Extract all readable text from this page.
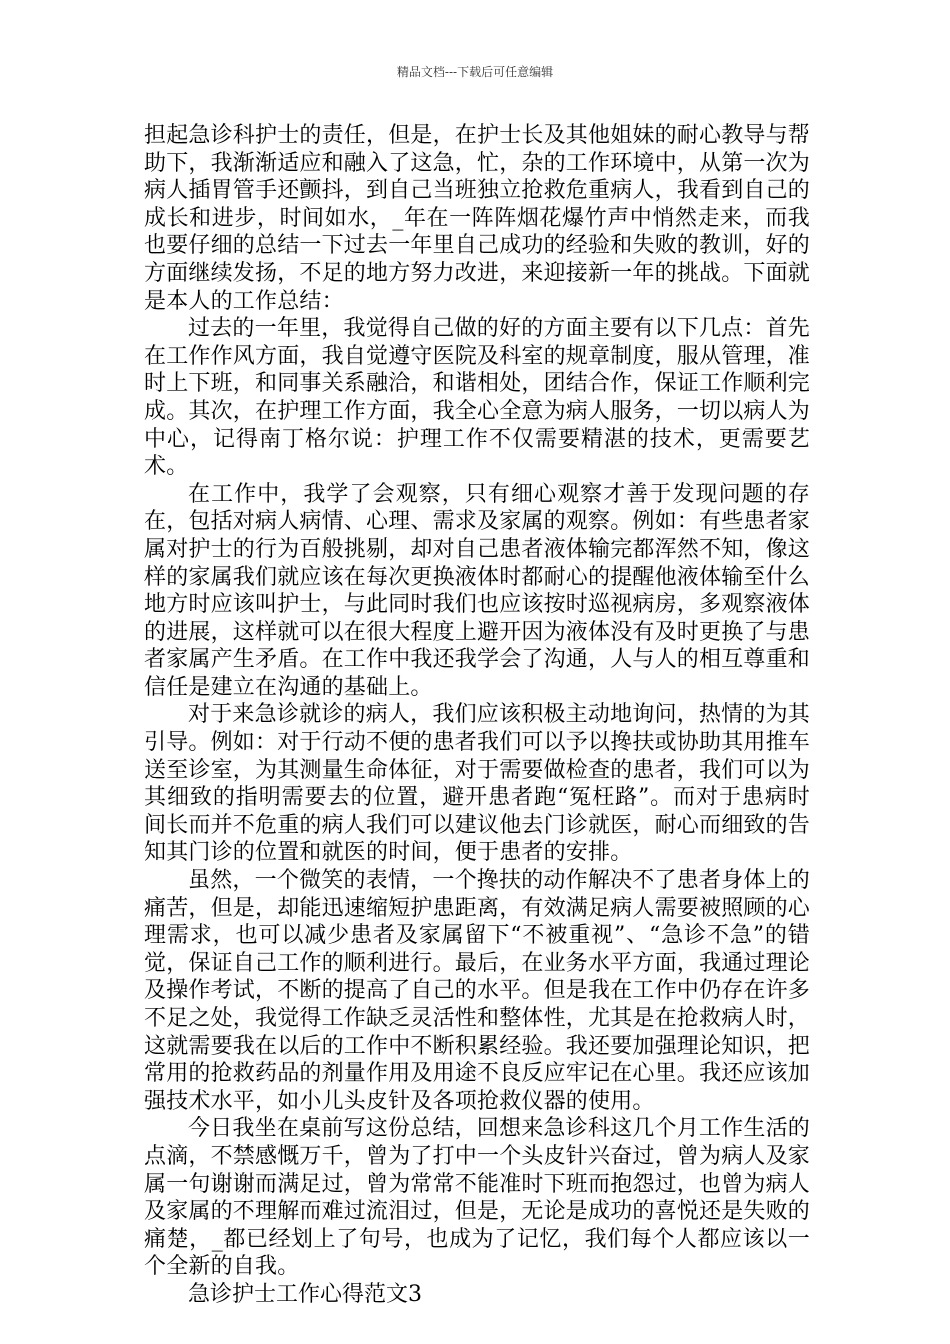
精品文档---下载后可任意编辑

担起急诊科护士的责任，但是，在护士长及其他姐妹的耐心教导与帮助下，我渐渐适应和融入了这急，忙，杂的工作环境中，从第一次为病人插胃管手还颤抖，到自己当班独立抢救危重病人，我看到自己的成长和进步，时间如水，_年在一阵阵烟花爆竹声中悄然走来，而我也要仔细的总结一下过去一年里自己成功的经验和失败的教训，好的方面继续发扬，不足的地方努力改进，来迎接新一年的挑战。下面就是本人的工作总结：

过去的一年里，我觉得自己做的好的方面主要有以下几点：首先在工作作风方面，我自觉遵守医院及科室的规章制度，服从管理，准时上下班，和同事关系融洽，和谐相处，团结合作，保证工作顺利完成。其次，在护理工作方面，我全心全意为病人服务，一切以病人为中心，记得南丁格尔说：护理工作不仅需要精湛的技术，更需要艺术。

在工作中，我学了会观察，只有细心观察才善于发现问题的存在，包括对病人病情、心理、需求及家属的观察。例如：有些患者家属对护士的行为百般挑剔，却对自己患者液体输完都浑然不知，像这样的家属我们就应该在每次更换液体时都耐心的提醒他液体输至什么地方时应该叫护士，与此同时我们也应该按时巡视病房，多观察液体的进展，这样就可以在很大程度上避开因为液体没有及时更换了与患者家属产生矛盾。在工作中我还我学会了沟通，人与人的相互尊重和信任是建立在沟通的基础上。

对于来急诊就诊的病人，我们应该积极主动地询问，热情的为其引导。例如：对于行动不便的患者我们可以予以搀扶或协助其用推车送至诊室，为其测量生命体征，对于需要做检查的患者，我们可以为其细致的指明需要去的位置，避开患者跑“冤枉路”。而对于患病时间长而并不危重的病人我们可以建议他去门诊就医，耐心而细致的告知其门诊的位置和就医的时间，便于患者的安排。

虽然，一个微笑的表情，一个搀扶的动作解决不了患者身体上的痛苦，但是，却能迅速缩短护患距离，有效满足病人需要被照顾的心理需求，也可以减少患者及家属留下“不被重视”、“急诊不急”的错觉，保证自己工作的顺利进行。最后，在业务水平方面，我通过理论及操作考试，不断的提高了自己的水平。但是我在工作中仍存在许多不足之处，我觉得工作缺乏灵活性和整体性，尤其是在抢救病人时，这就需要我在以后的工作中不断积累经验。我还要加强理论知识，把常用的抢救药品的剂量作用及用途不良反应牢记在心里。我还应该加强技术水平，如小儿头皮针及各项抢救仪器的使用。

今日我坐在桌前写这份总结，回想来急诊科这几个月工作生活的点滴，不禁感慨万千，曾为了打中一个头皮针兴奋过，曾为病人及家属一句谢谢而满足过，曾为常常不能准时下班而抱怨过，也曾为病人及家属的不理解而难过流泪过，但是，无论是成功的喜悦还是失败的痛楚，_都已经划上了句号，也成为了记忆，我们每个人都应该以一个全新的自我。

急诊护士工作心得范文3
